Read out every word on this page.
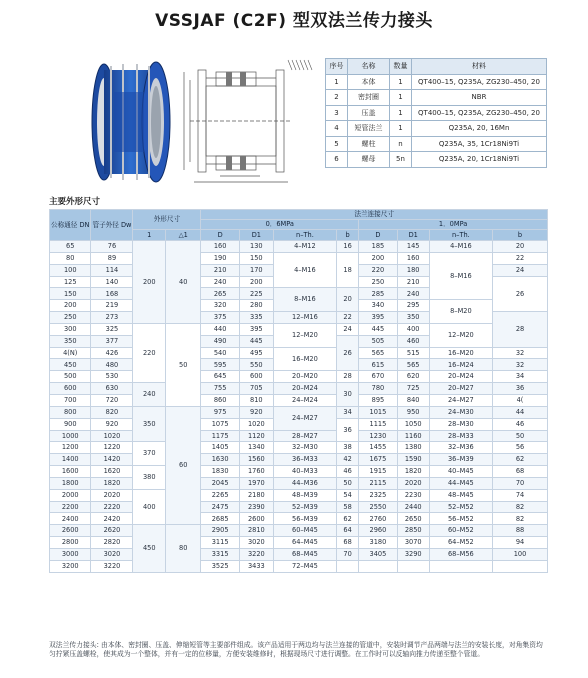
VSSJAF (C2F) 型双法兰传力接头
序号	名称	数量	材料
1	本体	1	QT400–15, Q235A, ZG230–450, 20
2	密封圈	1	NBR
3	压盖	1	QT400–15, Q235A, ZG230–450, 20
4	短管法兰	1	Q235A, 20, 16Mn
5	螺柱	n	Q235A, 35, 1Cr18Ni9Ti
6	螺母	5n	Q235A, 20, 1Cr18Ni9Ti
主要外形尺寸
公称通径 DN	管子外径 Dw	外形尺寸		法兰连接尺寸							
				0．6MPa				1．0MPa			
		1	△1	D	D1	n–Th.	b	D	D1	n–Th.	b
65	76	200	40	160	130	4–M12	16	185	145	4–M16	20
80	89			190	150	4–M16	18	200	160	8–M16	22
100	114			210	170			220	180		24
125	140			240	200			250	210		26
150	168			265	225	8–M16	20	285	240		
200	219			320	280			340	295	8–M20	
250	273			375	335	12–M16	22	395	350		28
300	325	220	50	440	395	12–M20	24	445	400	12–M20	
350	377			490	445		26	505	460		
4(N)	426			540	495	16–M20		565	515	16–M20	32
450	480			595	550			615	565	16–M24	32
500	530			645	600	20–M20	28	670	620	20–M24	34
600	630	240		755	705	20–M24	30	780	725	20–M27	36
700	720			860	810	24–M24		895	840	24–M27	4(
800	820	350	60	975	920	24–M27	34	1015	950	24–M30	44
900	920			1075	1020		36	1115	1050	28–M30	46
1000	1020			1175	1120	28–M27		1230	1160	28–M33	50
1200	1220	370		1405	1340	32–M30	38	1455	1380	32–M36	56
1400	1420			1630	1560	36–M33	42	1675	1590	36–M39	62
1600	1620	380		1830	1760	40–M33	46	1915	1820	40–M45	68
1800	1820			2045	1970	44–M36	50	2115	2020	44–M45	70
2000	2020	400		2265	2180	48–M39	54	2325	2230	48–M45	74
2200	2220			2475	2390	52–M39	58	2550	2440	52–M52	82
2400	2420			2685	2600	56–M39	62	2760	2650	56–M52	82
2600	2620	450	80	2905	2810	60–M45	64	2960	2850	60–M52	88
2800	2820			3115	3020	64–M45	68	3180	3070	64–M52	94
3000	3020			3315	3220	68–M45	70	3405	3290	68–M56	100
3200	3220			3525	3433	72–M45					
双法兰传力接头: 由本体、密封圈、压盖、伸缩短管等主要部件组成。该产品适用于两边均与法兰连接的管道中，安装时调节产品两端与法兰的安装长度，对角集资均匀拧紧压盖螺栓，使其成为一个整体，并有一定的位移量，方便安装维修时，根据现场尺寸进行调整。在工作时可以反轴向推力传递至整个管道。
